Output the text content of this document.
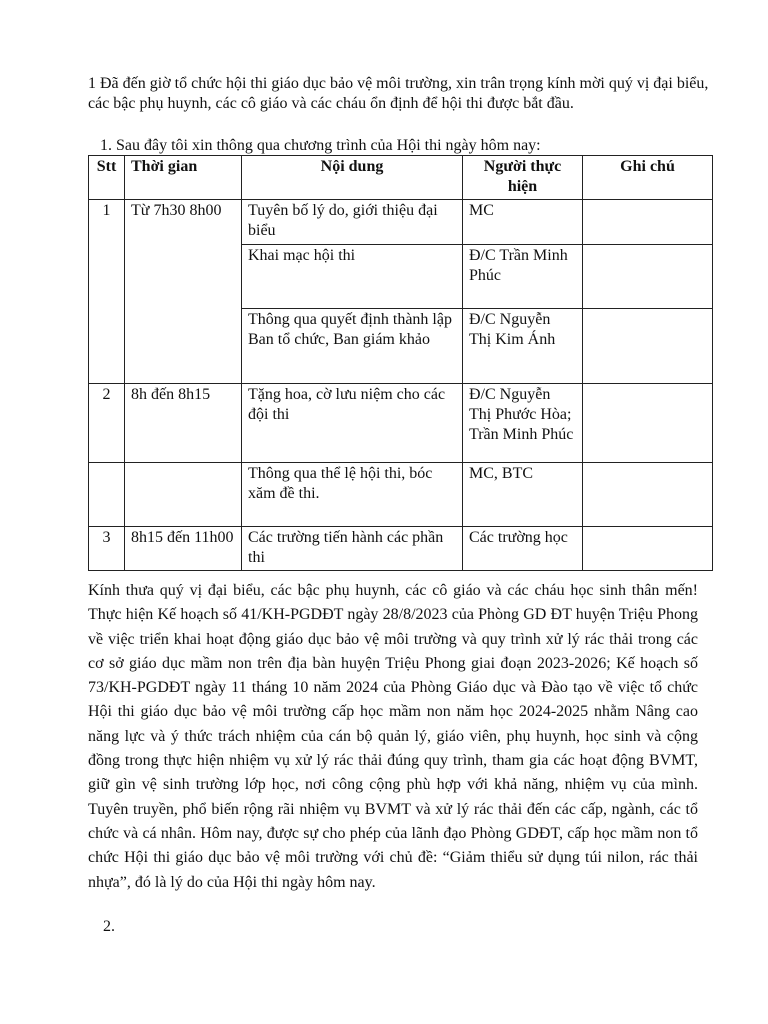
1 Đã đến giờ tổ chức hội thi giáo dục bảo vệ môi trường, xin trân trọng kính mời quý vị đại biểu, các bậc phụ huynh, các cô giáo và các cháu ổn định để hội thi được bắt đầu.

1. Sau đây tôi xin thông qua chương trình của Hội thi ngày hôm nay:

Stt	Thời gian	Nội dung	Người thực hiện	Ghi chú
1	Từ 7h30 8h00	Tuyên bố lý do, giới thiệu đại biểu	MC	
		Khai mạc hội thi	Đ/C Trần Minh Phúc	
		Thông qua quyết định thành lập Ban tổ chức, Ban giám khảo	Đ/C Nguyễn Thị Kim Ánh	
2	8h đến 8h15	Tặng hoa, cờ lưu niệm cho các đội thi	Đ/C Nguyễn Thị Phước Hòa; Trần Minh Phúc	
		Thông qua thể lệ hội thi, bóc xăm đề thi.	MC, BTC	
3	8h15 đến 11h00	Các trường tiến hành các phần thi	Các trường học	

Kính thưa quý vị đại biểu, các bậc phụ huynh, các cô giáo và các cháu học sinh thân mến! Thực hiện Kế hoạch số 41/KH-PGDĐT ngày 28/8/2023 của Phòng GD ĐT huyện Triệu Phong về việc triển khai hoạt động giáo dục bảo vệ môi trường và quy trình xử lý rác thải trong các cơ sở giáo dục mầm non trên địa bàn huyện Triệu Phong giai đoạn 2023-2026; Kế hoạch số 73/KH-PGDĐT ngày 11 tháng 10 năm 2024 của Phòng Giáo dục và Đào tạo về việc tổ chức Hội thi giáo dục bảo vệ môi trường cấp học mầm non năm học 2024-2025 nhằm Nâng cao năng lực và ý thức trách nhiệm của cán bộ quản lý, giáo viên, phụ huynh, học sinh và cộng đồng trong thực hiện nhiệm vụ xử lý rác thải đúng quy trình, tham gia các hoạt động BVMT, giữ gìn vệ sinh trường lớp học, nơi công cộng phù hợp với khả năng, nhiệm vụ của mình. Tuyên truyền, phổ biến rộng rãi nhiệm vụ BVMT và xử lý rác thải đến các cấp, ngành, các tổ chức và cá nhân. Hôm nay, được sự cho phép của lãnh đạo Phòng GDĐT, cấp học mầm non tổ chức Hội thi giáo dục bảo vệ môi trường với chủ đề: “Giảm thiểu sử dụng túi nilon, rác thải nhựa”, đó là lý do của Hội thi ngày hôm nay.

2.
